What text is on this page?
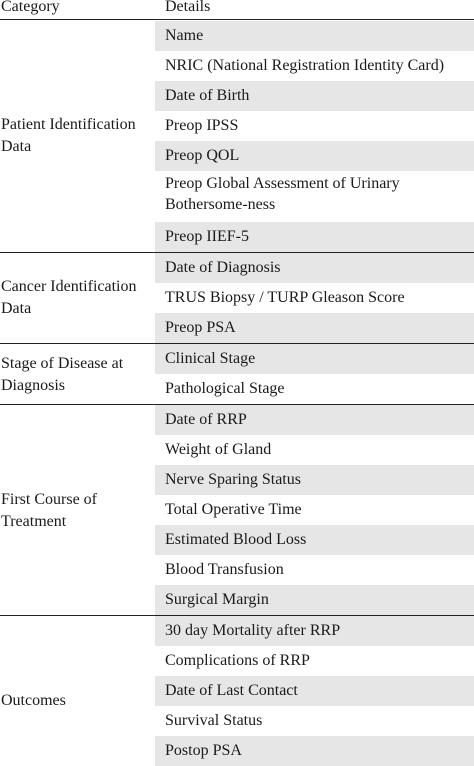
Category	Details
Name
NRIC (National Registration Identity Card)
Date of Birth
Preop IPSS
Preop QOL
Preop Global Assessment of Urinary Bothersome-ness
Preop IIEF-5
Patient Identification Data
Date of Diagnosis
TRUS Biopsy / TURP Gleason Score
Preop PSA
Cancer Identification Data
Clinical Stage
Pathological Stage
Stage of Disease at Diagnosis
Date of RRP
Weight of Gland
Nerve Sparing Status
Total Operative Time
Estimated Blood Loss
Blood Transfusion
Surgical Margin
First Course of Treatment
30 day Mortality after RRP
Complications of RRP
Date of Last Contact
Survival Status
Postop PSA
Outcomes
